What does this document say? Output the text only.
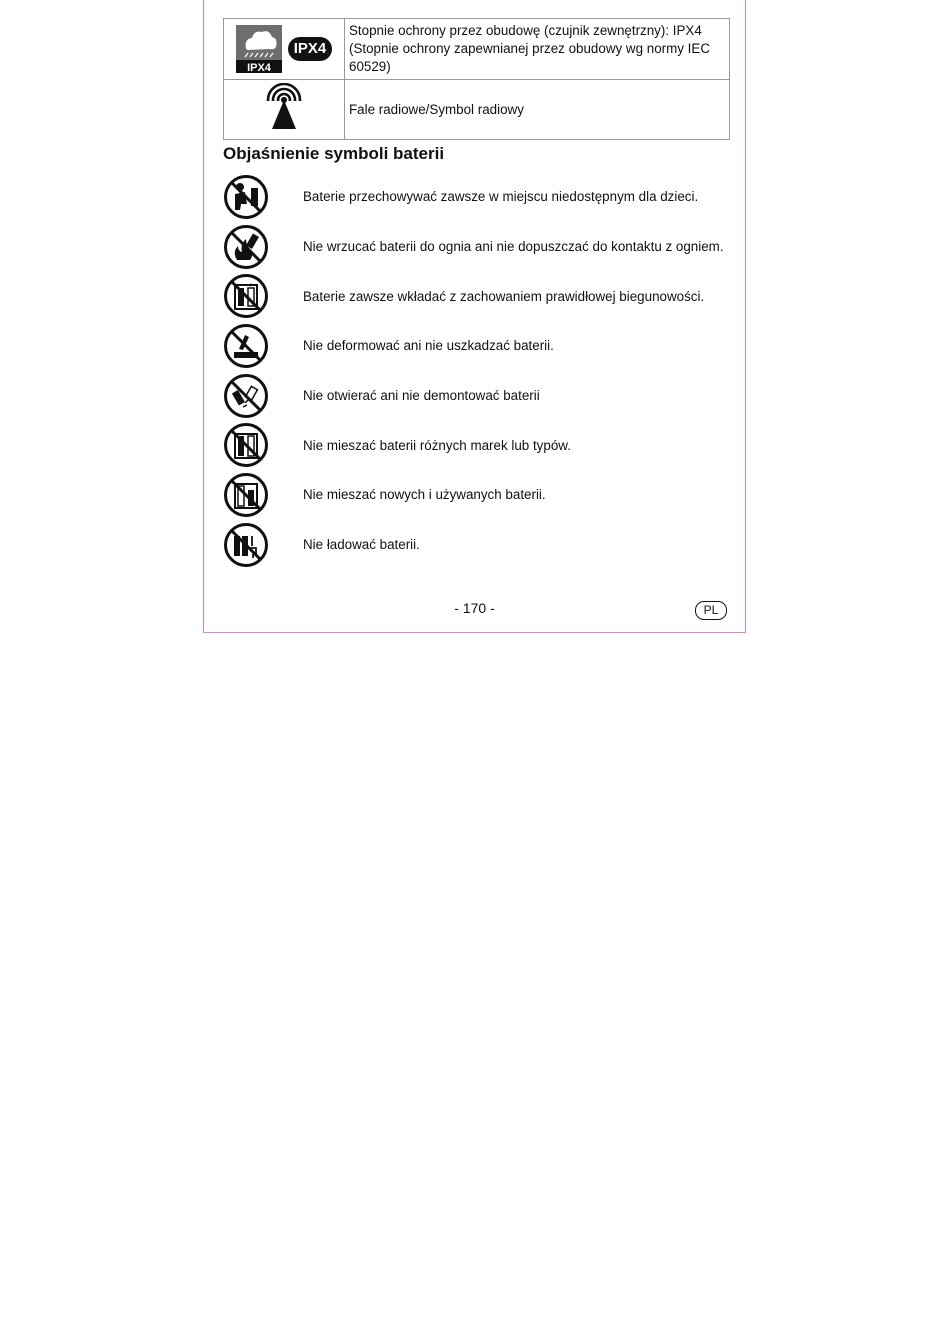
IPX4
IPX4	Stopnie ochrony przez obudowę (czujnik zewnętrzny): IPX4 (Stopnie ochrony zapewnianej przez obudowy wg normy IEC 60529)
	Fale radiowe/Symbol radiowy
Objaśnienie symboli baterii
Baterie przechowywać zawsze w miejscu niedostępnym dla dzieci.
Nie wrzucać baterii do ognia ani nie dopuszczać do kontaktu z ogniem.
+
Baterie zawsze wkładać z zachowaniem prawidłowej biegunowości.
Nie deformować ani nie uszkadzać baterii.
Nie otwierać ani nie demontować baterii
Nie mieszać baterii różnych marek lub typów.
Nie mieszać nowych i używanych baterii.
Nie ładować baterii.
- 170 -	PL
